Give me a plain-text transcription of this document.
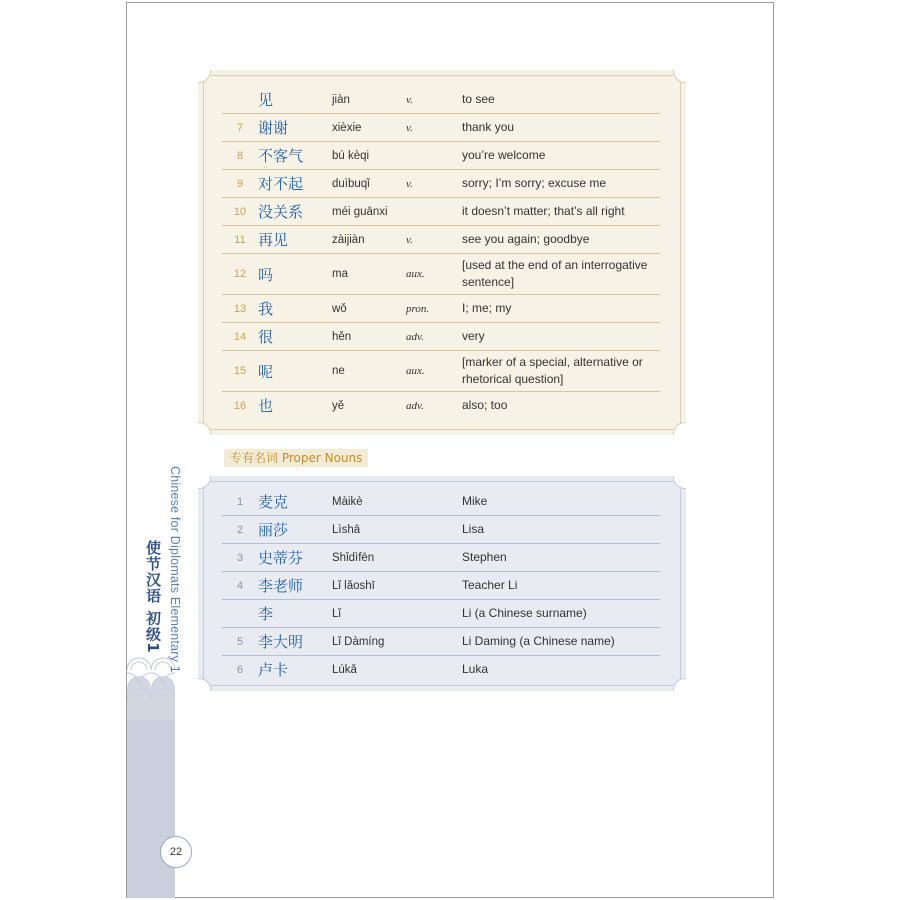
Chinese for Diplomats Elementary 1
使节汉语 初级1
22
见	jiàn	v.	to see
7 谢谢	xièxie	v.	thank you
8 不客气	bú kèqi	you’re welcome
9 对不起	duìbuqǐ	v.	sorry; I’m sorry; excuse me
10 没关系	méi guānxi	it doesn’t matter; that’s all right
11 再见	zàijiàn	v.	see you again; goodbye
12 吗	ma	aux.
[used at the end of an interrogative sentence]
13 我	wǒ	pron.	I; me; my
14 很	hěn	adv.	very
15 呢	ne	aux.
[marker of a special, alternative or rhetorical question]
16 也	yě	adv.	also; too
专有名词 Proper Nouns
1 麦克	Màikè	Mike
2 丽莎	Lìshā	Lisa
3 史蒂芬	Shǐdìfēn	Stephen
4 李老师	Lǐ lǎoshī	Teacher Li
李	Lǐ	Li (a Chinese surname)
5 李大明	Lǐ Dàmíng	Li Daming (a Chinese name)
6 卢卡	Lúkǎ	Luka
